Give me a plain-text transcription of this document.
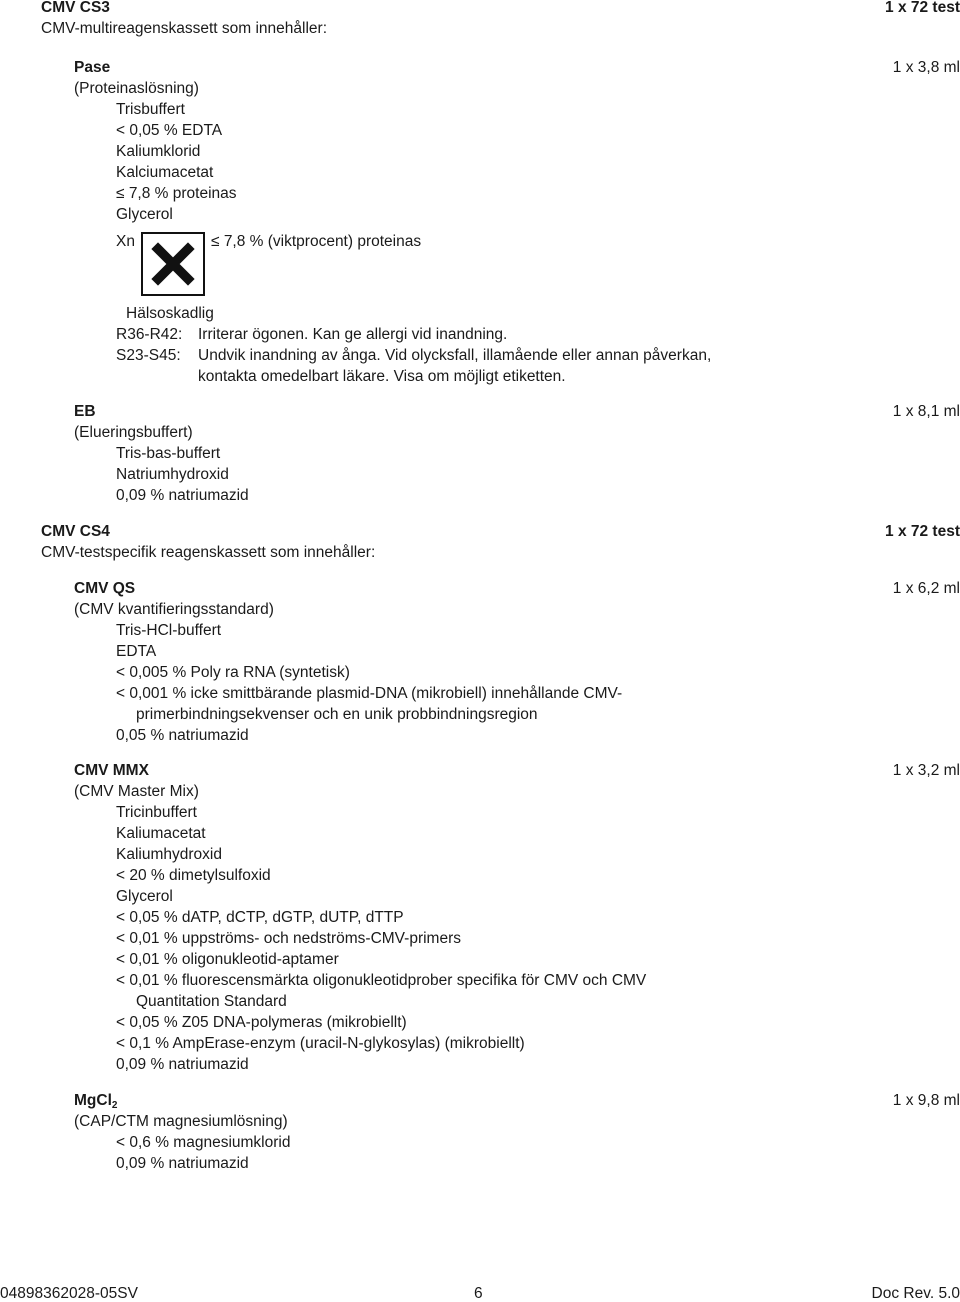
CMV CS3	1 x 72 test
CMV-multireagenskassett som innehåller:
Pase	1 x 3,8 ml
(Proteinaslösning)
Trisbuffert
< 0,05 % EDTA
Kaliumklorid
Kalciumacetat
≤ 7,8 % proteinas
Glycerol
Xn	≤ 7,8 % (viktprocent) proteinas
Hälsoskadlig
R36-R42: Irriterar ögonen. Kan ge allergi vid inandning.
S23-S45: Undvik inandning av ånga. Vid olycksfall, illamående eller annan påverkan,
kontakta omedelbart läkare. Visa om möjligt etiketten.
EB	1 x 8,1 ml
(Elueringsbuffert)
Tris-bas-buffert
Natriumhydroxid
0,09 % natriumazid
CMV CS4	1 x 72 test
CMV-testspecifik reagenskassett som innehåller:
CMV QS	1 x 6,2 ml
(CMV kvantifieringsstandard)
Tris-HCl-buffert
EDTA
< 0,005 % Poly ra RNA (syntetisk)
< 0,001 % icke smittbärande plasmid-DNA (mikrobiell) innehållande CMV-
primerbindningsekvenser och en unik probbindningsregion
0,05 % natriumazid
CMV MMX	1 x 3,2 ml
(CMV Master Mix)
Tricinbuffert
Kaliumacetat
Kaliumhydroxid
< 20 % dimetylsulfoxid
Glycerol
< 0,05 % dATP, dCTP, dGTP, dUTP, dTTP
< 0,01 % uppströms- och nedströms-CMV-primers
< 0,01 % oligonukleotid-aptamer
< 0,01 % fluorescensmärkta oligonukleotidprober specifika för CMV och CMV
Quantitation Standard
< 0,05 % Z05 DNA-polymeras (mikrobiellt)
< 0,1 % AmpErase-enzym (uracil-N-glykosylas) (mikrobiellt)
0,09 % natriumazid
MgCl$_2$	1 x 9,8 ml
(CAP/CTM magnesiumlösning)
< 0,6 % magnesiumklorid
0,09 % natriumazid
04898362028-05SV	6	Doc Rev. 5.0
